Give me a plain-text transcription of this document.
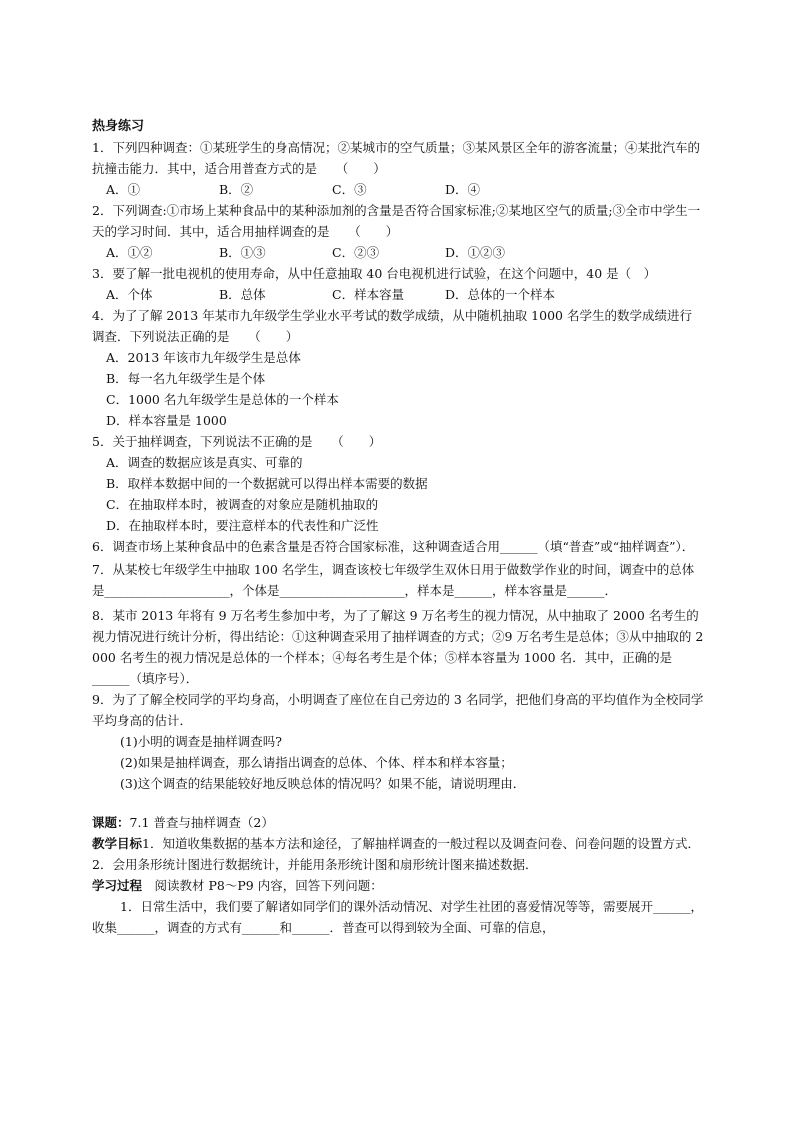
热身练习

1．下列四种调查：①某班学生的身高情况；②某城市的空气质量；③某风景区全年的游客流量；④某批汽车的抗撞击能力．其中，适合用普查方式的是　　（　　）

A．①	B．②	C．③	D．④

2．下列调查:①市场上某种食品中的某种添加剂的含量是否符合国家标准;②某地区空气的质量;③全市中学生一天的学习时间．其中，适合用抽样调查的是　　（　　）

A．①②	B．①③	C．②③	D．①②③

3．要了解一批电视机的使用寿命，从中任意抽取 40 台电视机进行试验，在这个问题中，40 是（　）

A．个体	B．总体	C．样本容量	D．总体的一个样本

4．为了了解 2013 年某市九年级学生学业水平考试的数学成绩，从中随机抽取 1000 名学生的数学成绩进行调查．下列说法正确的是　　（　　）

A．2013 年该市九年级学生是总体

B．每一名九年级学生是个体

C．1000 名九年级学生是总体的一个样本

D．样本容量是 1000

5．关于抽样调查，下列说法不正确的是　　（　　）

A．调查的数据应该是真实、可靠的

B．取样本数据中间的一个数据就可以得出样本需要的数据

C．在抽取样本时，被调查的对象应是随机抽取的

D．在抽取样本时，要注意样本的代表性和广泛性

6．调查市场上某种食品中的色素含量是否符合国家标准，这种调查适合用______（填“普查”或“抽样调查”）．

7．从某校七年级学生中抽取 100 名学生，调查该校七年级学生双休日用于做数学作业的时间，调查中的总体是____________________，个体是____________________，样本是______，样本容量是______．

8．某市 2013 年将有 9 万名考生参加中考，为了了解这 9 万名考生的视力情况，从中抽取了 2000 名考生的视力情况进行统计分析，得出结论：①这种调查采用了抽样调查的方式；②9 万名考生是总体；③从中抽取的 2 000 名考生的视力情况是总体的一个样本；④每名考生是个体；⑤样本容量为 1000 名．其中，正确的是______（填序号）．

9．为了了解全校同学的平均身高，小明调查了座位在自己旁边的 3 名同学，把他们身高的平均值作为全校同学平均身高的估计．

(1)小明的调查是抽样调查吗?

(2)如果是抽样调查，那么请指出调查的总体、个体、样本和样本容量；

(3)这个调查的结果能较好地反映总体的情况吗？如果不能，请说明理由．

课题：7.1 普查与抽样调查（2）

教学目标1．知道收集数据的基本方法和途径，了解抽样调查的一般过程以及调查问卷、问卷问题的设置方式．

2．会用条形统计图进行数据统计，并能用条形统计图和扇形统计图来描述数据．

学习过程　 阅读教材 P8～P9 内容，回答下列问题：

1．日常生活中，我们要了解诸如同学们的课外活动情况、对学生社团的喜爱情况等等，需要展开______，收集______，调查的方式有______和______．普查可以得到较为全面、可靠的信息，
